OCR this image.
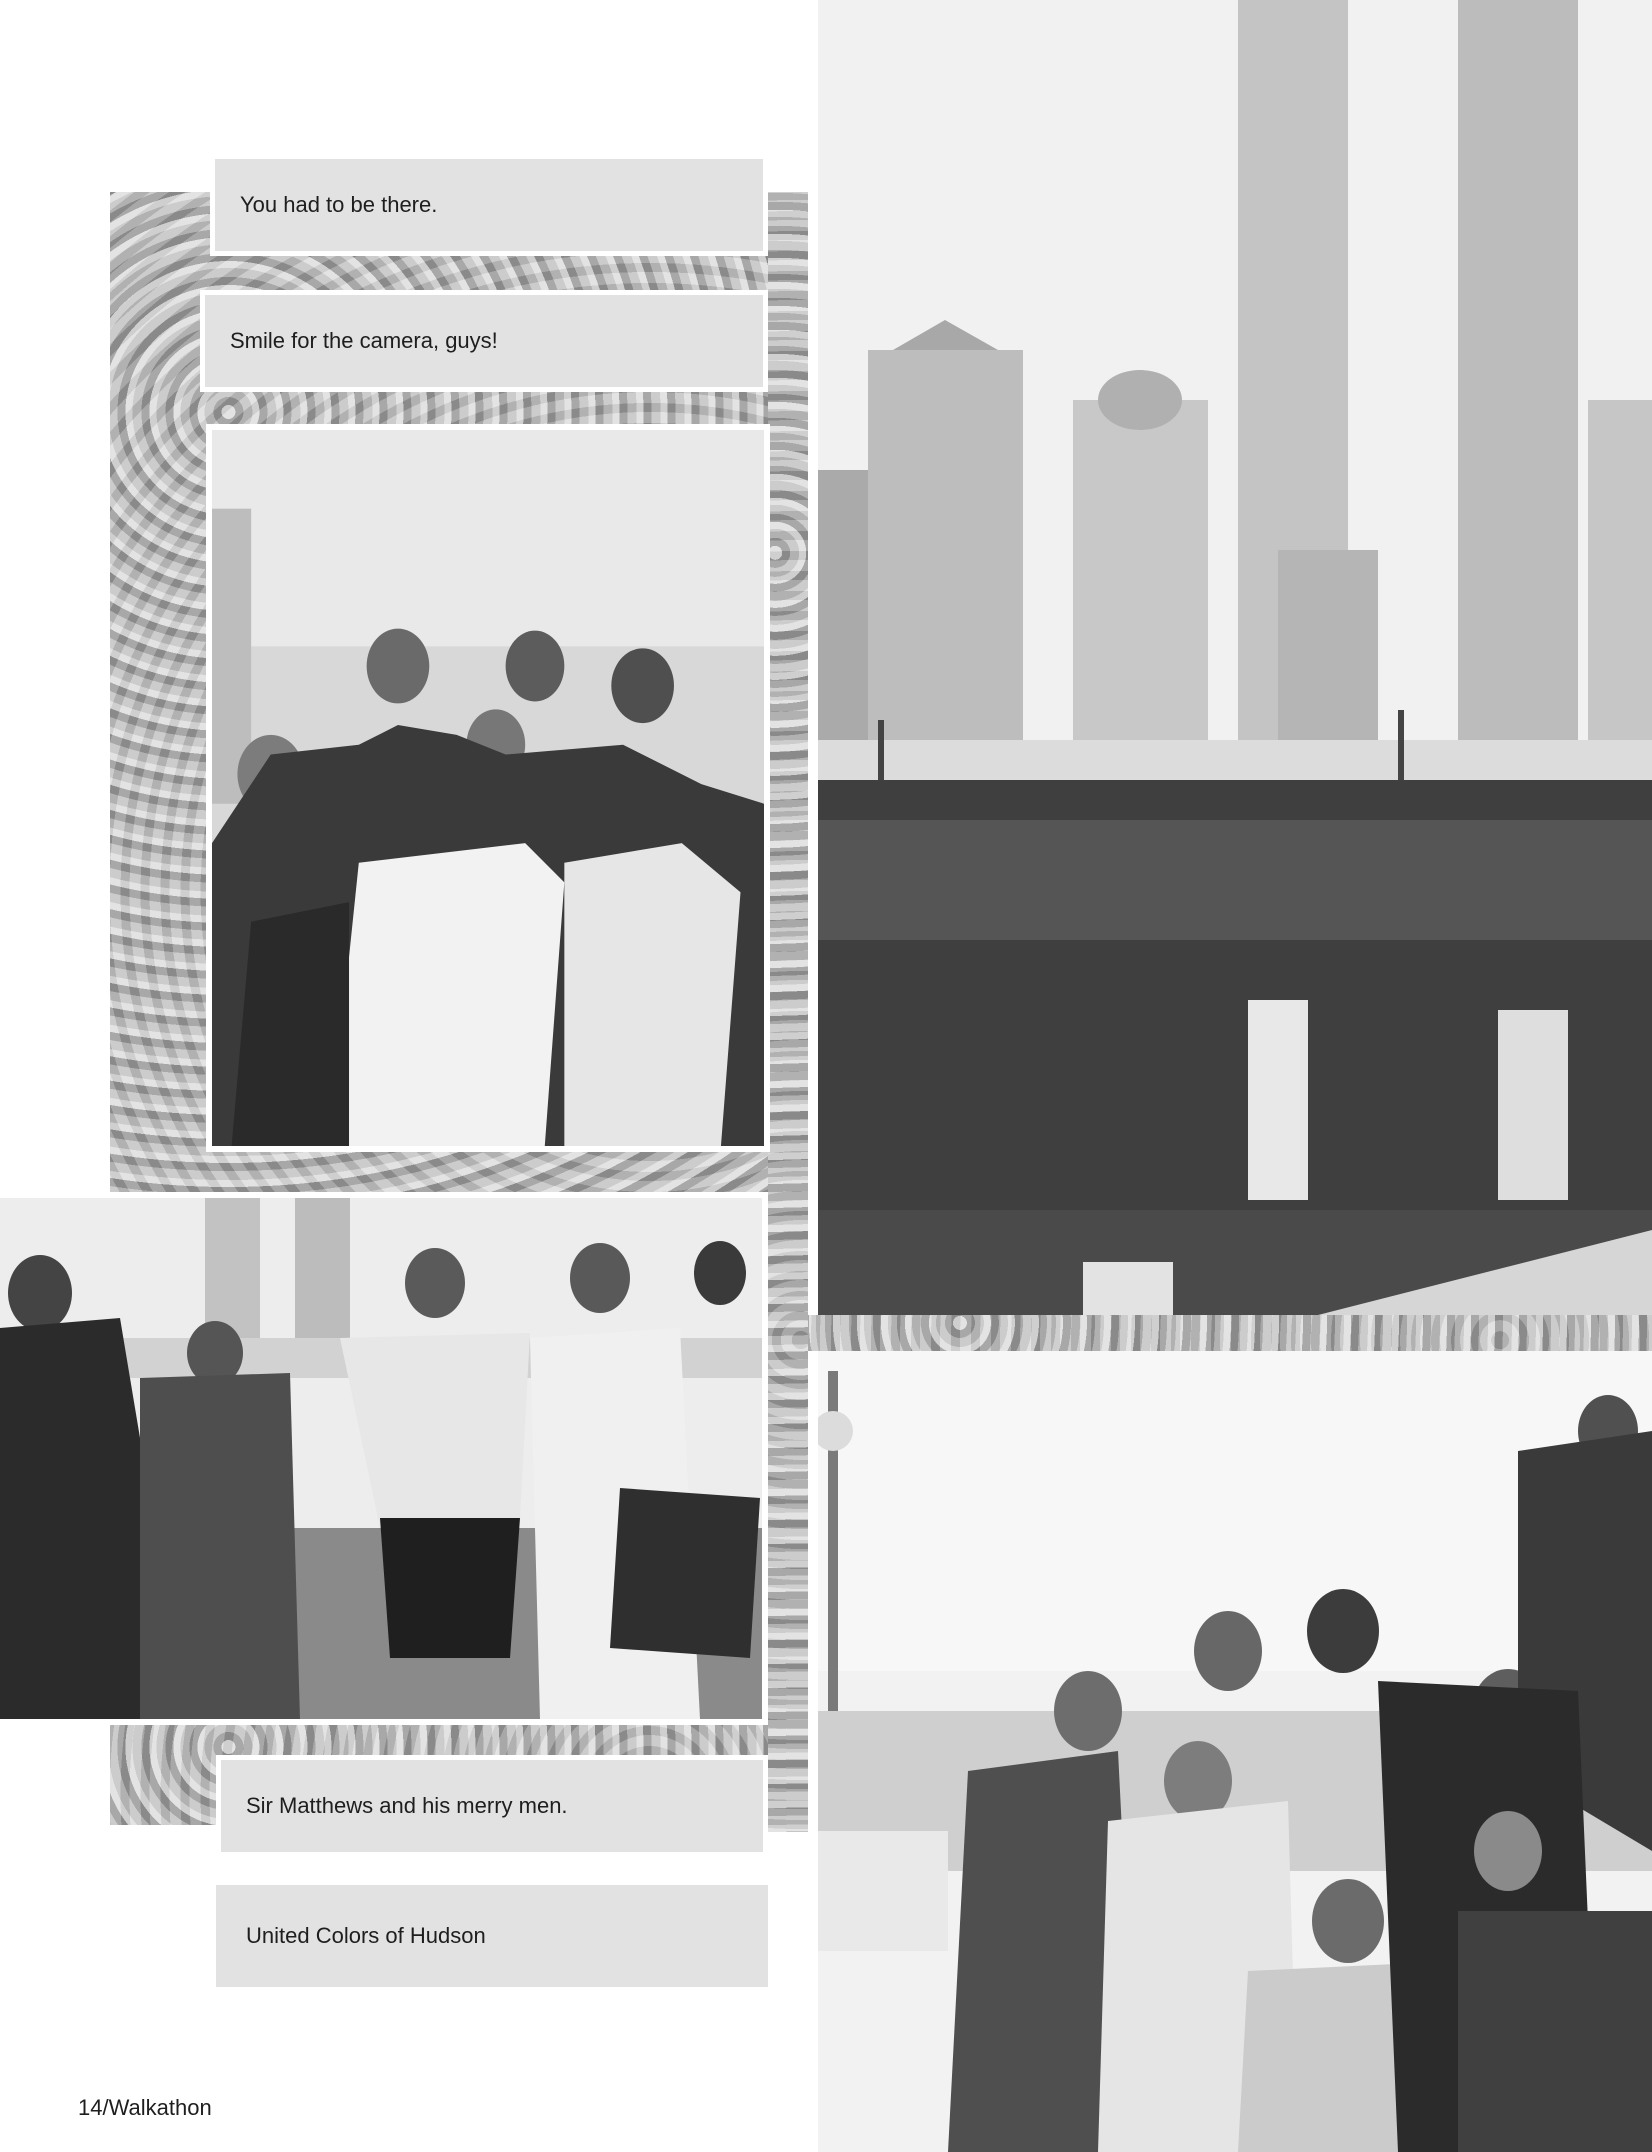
You had to be there.
Smile for the camera, guys!
Sir Matthews and his merry men.
United Colors of Hudson
14/Walkathon
